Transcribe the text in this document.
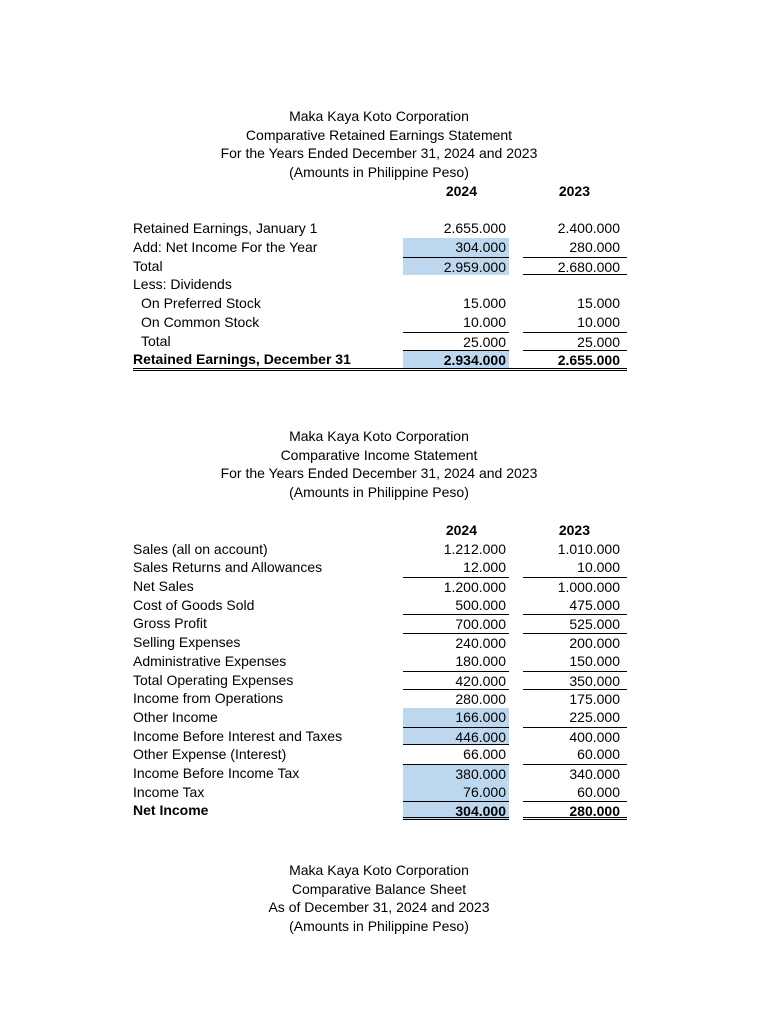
Maka Kaya Koto Corporation
Comparative Retained Earnings Statement
For the Years Ended December 31, 2024 and 2023
(Amounts in Philippine Peso)
2024	2023
Retained Earnings, January 1	2.655.000	2.400.000
Add: Net Income For the Year	304.000	280.000
Total	2.959.000	2.680.000
Less: Dividends
On Preferred Stock	15.000	15.000
On Common Stock	10.000	10.000
Total	25.000	25.000
Retained Earnings, December 31	2.934.000	2.655.000
Maka Kaya Koto Corporation
Comparative Income Statement
For the Years Ended December 31, 2024 and 2023
(Amounts in Philippine Peso)
2024	2023
Sales (all on account)	1.212.000	1.010.000
Sales Returns and Allowances	12.000	10.000
Net Sales	1.200.000	1.000.000
Cost of Goods Sold	500.000	475.000
Gross Profit	700.000	525.000
Selling Expenses	240.000	200.000
Administrative Expenses	180.000	150.000
Total Operating Expenses	420.000	350.000
Income from Operations	280.000	175.000
Other Income	166.000	225.000
Income Before Interest and Taxes	446.000	400.000
Other Expense (Interest)	66.000	60.000
Income Before Income Tax	380.000	340.000
Income Tax	76.000	60.000
Net Income	304.000	280.000
Maka Kaya Koto Corporation
Comparative Balance Sheet
As of December 31, 2024 and 2023
(Amounts in Philippine Peso)
